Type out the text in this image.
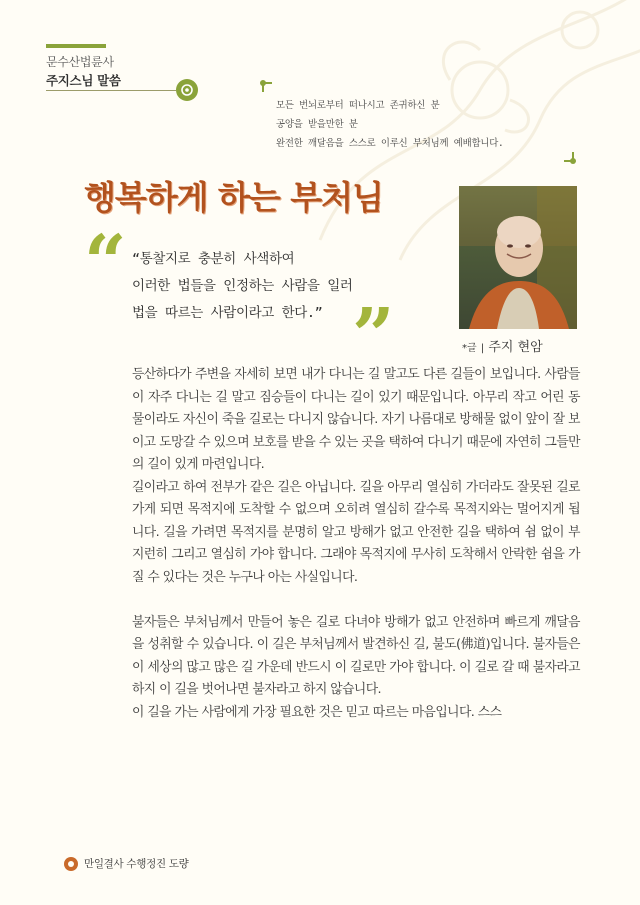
문수산법륜사
주지스님 말씀
모든 번뇌로부터 떠나시고 존귀하신 분
공양을 받을만한 분
완전한 깨달음을 스스로 이루신 부처님께 예배합니다.
행복하게 하는 부처님
*글 | 주지 현암
“ “통찰지로 충분히 사색하여
이러한 법들을 인정하는 사람을 일러
법을 따르는 사람이라고 한다.” ”

등산하다가 주변을 자세히 보면 내가 다니는 길 말고도 다른 길들이 보입니다. 사람들이 자주 다니는 길 말고 짐승들이 다니는 길이 있기 때문입니다. 아무리 작고 어린 동물이라도 자신이 죽을 길로는 다니지 않습니다. 자기 나름대로 방해물 없이 앞이 잘 보이고 도망갈 수 있으며 보호를 받을 수 있는 곳을 택하여 다니기 때문에 자연히 그들만의 길이 있게 마련입니다.

길이라고 하여 전부가 같은 길은 아닙니다. 길을 아무리 열심히 가더라도 잘못된 길로 가게 되면 목적지에 도착할 수 없으며 오히려 열심히 갈수록 목적지와는 멀어지게 됩니다. 길을 가려면 목적지를 분명히 알고 방해가 없고 안전한 길을 택하여 쉼 없이 부지런히 그리고 열심히 가야 합니다. 그래야 목적지에 무사히 도착해서 안락한 쉼을 가질 수 있다는 것은 누구나 아는 사실입니다.

불자들은 부처님께서 만들어 놓은 길로 다녀야 방해가 없고 안전하며 빠르게 깨달음을 성취할 수 있습니다. 이 길은 부처님께서 발견하신 길, 불도(佛道)입니다. 불자들은 이 세상의 많고 많은 길 가운데 반드시 이 길로만 가야 합니다. 이 길로 갈 때 불자라고 하지 이 길을 벗어나면 불자라고 하지 않습니다.

이 길을 가는 사람에게 가장 필요한 것은 믿고 따르는 마음입니다. 스스

만일결사 수행정진 도량
